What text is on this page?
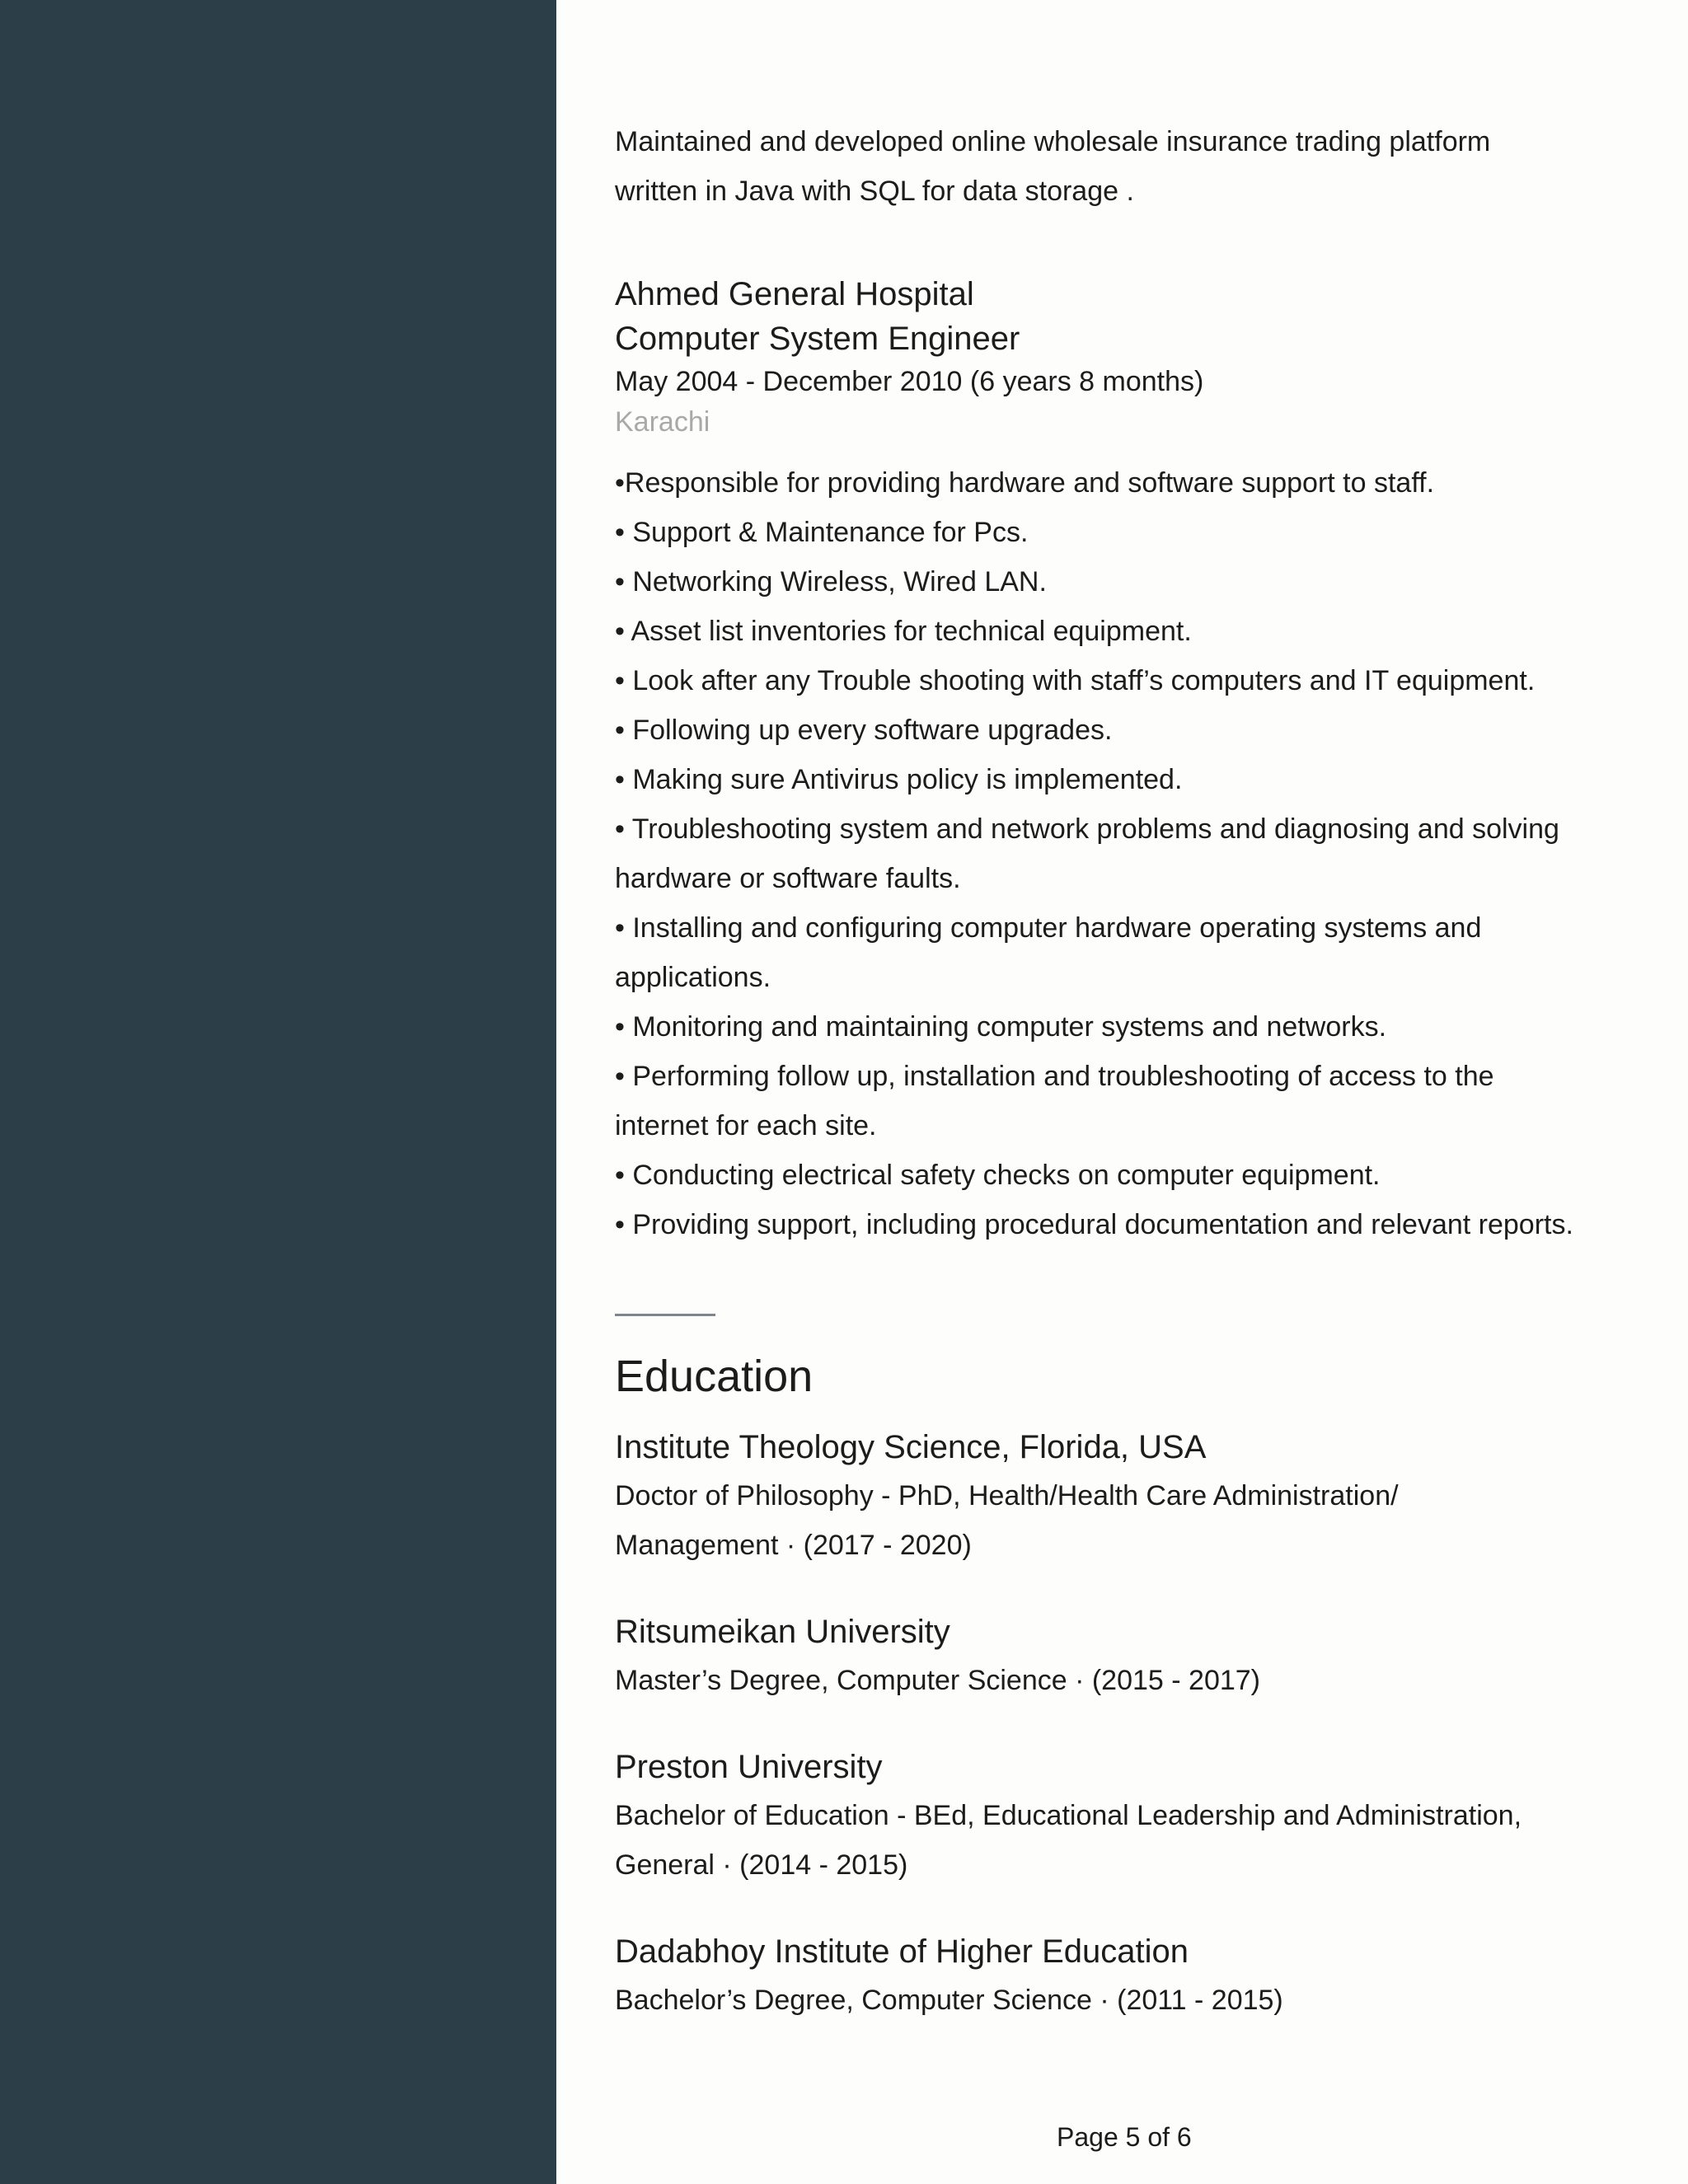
Maintained and developed online wholesale insurance trading platform
written in Java with SQL for data storage .
Ahmed General Hospital
Computer System Engineer
May 2004 - December 2010 (6 years 8 months)
Karachi
•Responsible for providing hardware and software support to staff.
• Support & Maintenance for Pcs.
• Networking Wireless, Wired LAN.
• Asset list inventories for technical equipment.
• Look after any Trouble shooting with staff’s computers and IT equipment.
• Following up every software upgrades.
• Making sure Antivirus policy is implemented.
• Troubleshooting system and network problems and diagnosing and solving
hardware or software faults.
• Installing and configuring computer hardware operating systems and
applications.
• Monitoring and maintaining computer systems and networks.
• Performing follow up, installation and troubleshooting of access to the
internet for each site.
• Conducting electrical safety checks on computer equipment.
• Providing support, including procedural documentation and relevant reports.
Education
Institute Theology Science, Florida, USA
Doctor of Philosophy - PhD, Health/Health Care Administration/
Management · (2017 - 2020)
Ritsumeikan University
Master’s Degree, Computer Science · (2015 - 2017)
Preston University
Bachelor of Education - BEd, Educational Leadership and Administration,
General · (2014 - 2015)
Dadabhoy Institute of Higher Education
Bachelor’s Degree, Computer Science · (2011 - 2015)
Page 5 of 6
